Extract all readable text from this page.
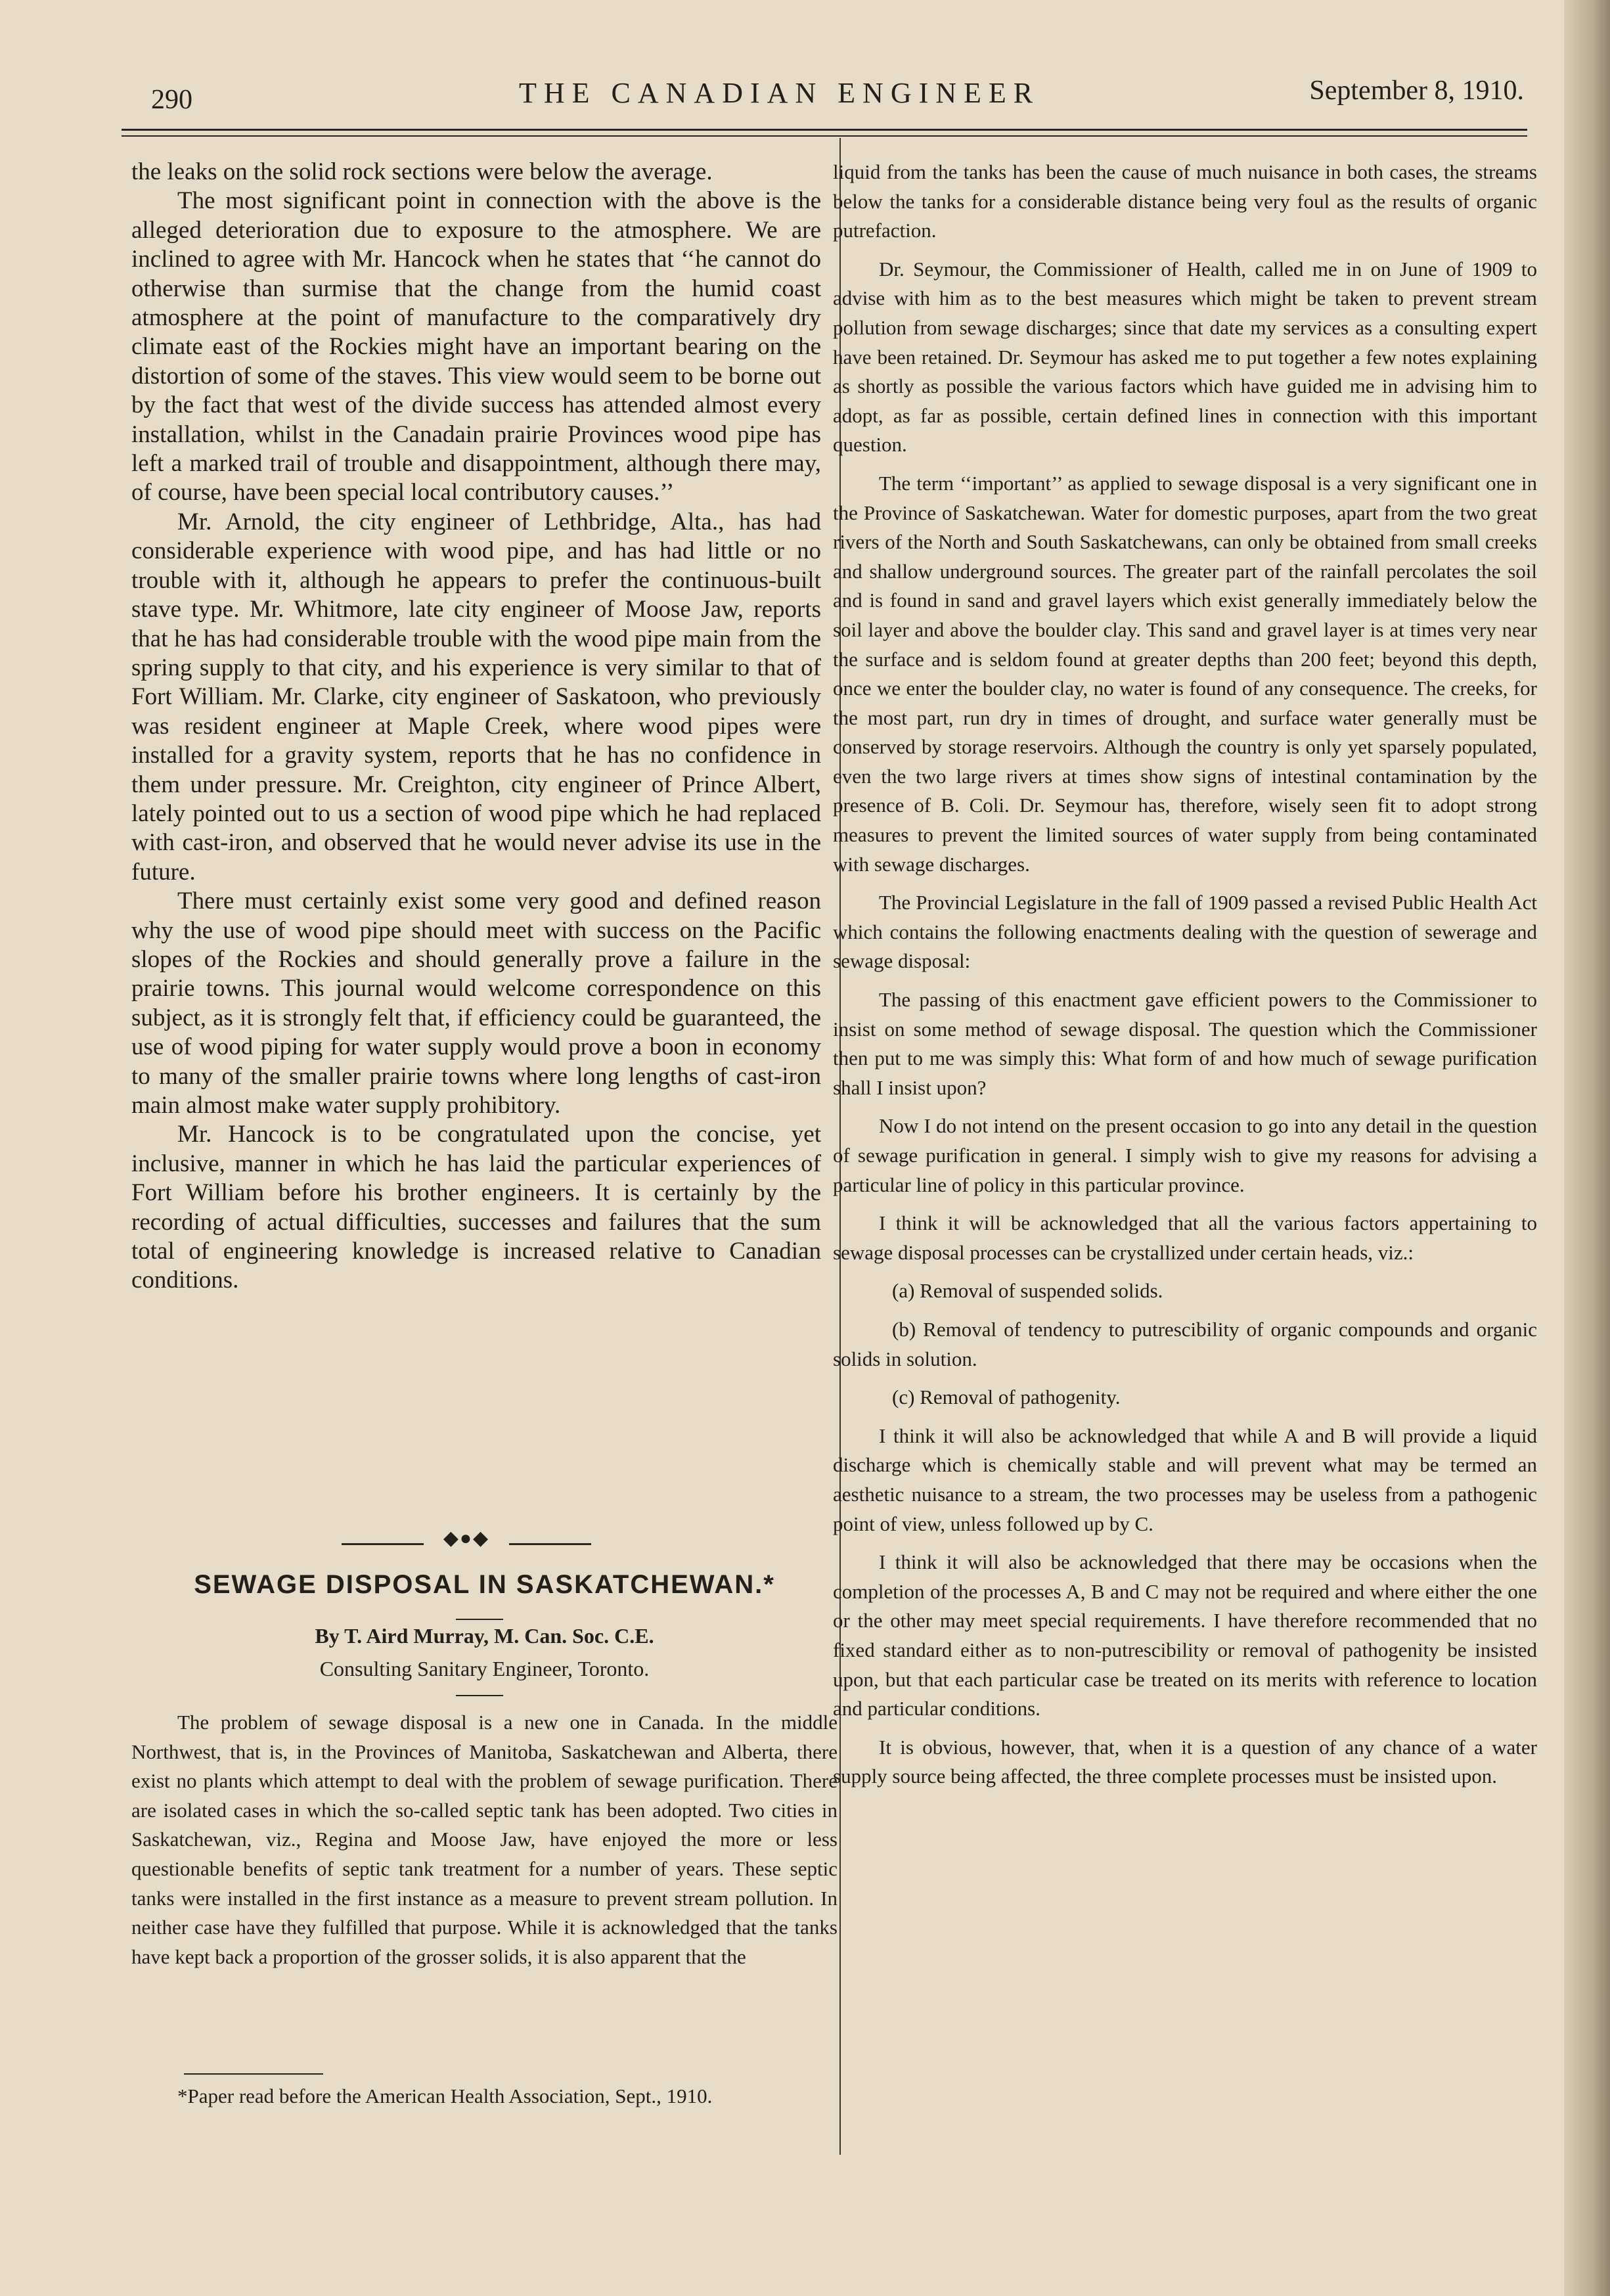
290	THE CANADIAN ENGINEER	September 8, 1910.

the leaks on the solid rock sections were below the average.

The most significant point in connection with the above is the alleged deterioration due to exposure to the atmosphere. We are inclined to agree with Mr. Hancock when he states that ‘‘he cannot do otherwise than surmise that the change from the humid coast atmosphere at the point of manufacture to the comparatively dry climate east of the Rockies might have an important bearing on the distortion of some of the staves. This view would seem to be borne out by the fact that west of the divide success has attended almost every installation, whilst in the Canadain prairie Provinces wood pipe has left a marked trail of trouble and disappointment, although there may, of course, have been special local contributory causes.’’

Mr. Arnold, the city engineer of Lethbridge, Alta., has had considerable experience with wood pipe, and has had little or no trouble with it, although he appears to prefer the continuous-built stave type. Mr. Whitmore, late city engineer of Moose Jaw, reports that he has had considerable trouble with the wood pipe main from the spring supply to that city, and his experience is very similar to that of Fort William. Mr. Clarke, city engineer of Saskatoon, who previously was resident engineer at Maple Creek, where wood pipes were installed for a gravity system, reports that he has no confidence in them under pressure. Mr. Creighton, city engineer of Prince Albert, lately pointed out to us a section of wood pipe which he had replaced with cast-iron, and observed that he would never advise its use in the future.

There must certainly exist some very good and defined reason why the use of wood pipe should meet with success on the Pacific slopes of the Rockies and should generally prove a failure in the prairie towns. This journal would welcome correspondence on this subject, as it is strongly felt that, if efficiency could be guaranteed, the use of wood piping for water supply would prove a boon in economy to many of the smaller prairie towns where long lengths of cast-iron main almost make water supply prohibitory.

Mr. Hancock is to be congratulated upon the concise, yet inclusive, manner in which he has laid the particular experiences of Fort William before his brother engineers. It is certainly by the recording of actual difficulties, successes and failures that the sum total of engineering knowledge is increased relative to Canadian conditions.

◆●◆
SEWAGE DISPOSAL IN SASKATCHEWAN.*
By T. Aird Murray, M. Can. Soc. C.E.
Consulting Sanitary Engineer, Toronto.

The problem of sewage disposal is a new one in Canada. In the middle Northwest, that is, in the Provinces of Manitoba, Saskatchewan and Alberta, there exist no plants which attempt to deal with the problem of sewage purification. There are isolated cases in which the so-called septic tank has been adopted. Two cities in Saskatchewan, viz., Regina and Moose Jaw, have enjoyed the more or less questionable benefits of septic tank treatment for a number of years. These septic tanks were installed in the first instance as a measure to prevent stream pollution. In neither case have they fulfilled that purpose. While it is acknowledged that the tanks have kept back a proportion of the grosser solids, it is also apparent that the

*Paper read before the American Health Association, Sept., 1910.

liquid from the tanks has been the cause of much nuisance in both cases, the streams below the tanks for a considerable distance being very foul as the results of organic putrefaction.

Dr. Seymour, the Commissioner of Health, called me in on June of 1909 to advise with him as to the best measures which might be taken to prevent stream pollution from sewage discharges; since that date my services as a consulting expert have been retained. Dr. Seymour has asked me to put together a few notes explaining as shortly as possible the various factors which have guided me in advising him to adopt, as far as possible, certain defined lines in connection with this important question.

The term ‘‘important’’ as applied to sewage disposal is a very significant one in the Province of Saskatchewan. Water for domestic purposes, apart from the two great rivers of the North and South Saskatchewans, can only be obtained from small creeks and shallow underground sources. The greater part of the rainfall percolates the soil and is found in sand and gravel layers which exist generally immediately below the soil layer and above the boulder clay. This sand and gravel layer is at times very near the surface and is seldom found at greater depths than 200 feet; beyond this depth, once we enter the boulder clay, no water is found of any consequence. The creeks, for the most part, run dry in times of drought, and surface water generally must be conserved by storage reservoirs. Although the country is only yet sparsely populated, even the two large rivers at times show signs of intestinal contamination by the presence of B. Coli. Dr. Seymour has, therefore, wisely seen fit to adopt strong measures to prevent the limited sources of water supply from being contaminated with sewage discharges.

The Provincial Legislature in the fall of 1909 passed a revised Public Health Act which contains the following enactments dealing with the question of sewerage and sewage disposal:

The passing of this enactment gave efficient powers to the Commissioner to insist on some method of sewage disposal. The question which the Commissioner then put to me was simply this: What form of and how much of sewage purification shall I insist upon?

Now I do not intend on the present occasion to go into any detail in the question of sewage purification in general. I simply wish to give my reasons for advising a particular line of policy in this particular province.

I think it will be acknowledged that all the various factors appertaining to sewage disposal processes can be crystallized under certain heads, viz.:

(a) Removal of suspended solids.

(b) Removal of tendency to putrescibility of organic compounds and organic solids in solution.

(c) Removal of pathogenity.

I think it will also be acknowledged that while A and B will provide a liquid discharge which is chemically stable and will prevent what may be termed an aesthetic nuisance to a stream, the two processes may be useless from a pathogenic point of view, unless followed up by C.

I think it will also be acknowledged that there may be occasions when the completion of the processes A, B and C may not be required and where either the one or the other may meet special requirements. I have therefore recommended that no fixed standard either as to non-putrescibility or removal of pathogenity be insisted upon, but that each particular case be treated on its merits with reference to location and particular conditions.

It is obvious, however, that, when it is a question of any chance of a water supply source being affected, the three complete processes must be insisted upon.
